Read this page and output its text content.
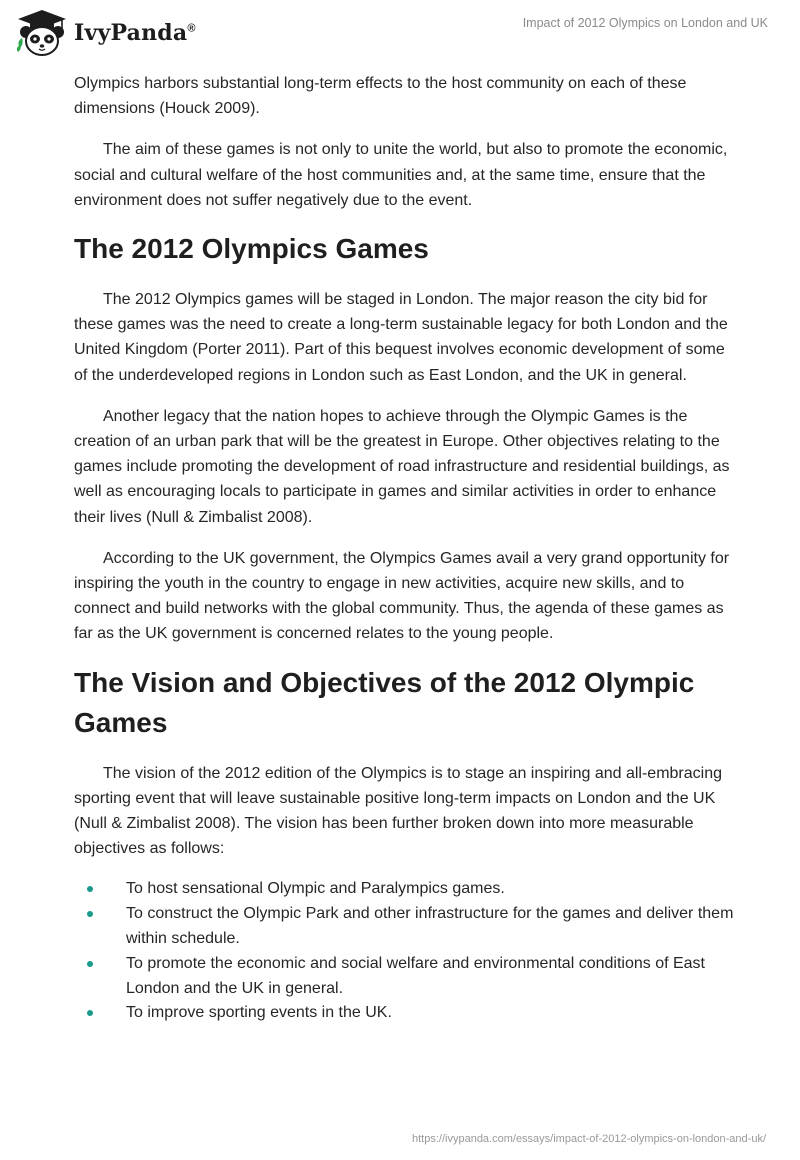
IvyPanda®	Impact of 2012 Olympics on London and UK

Olympics harbors substantial long-term effects to the host community on each of these dimensions (Houck 2009).

The aim of these games is not only to unite the world, but also to promote the economic, social and cultural welfare of the host communities and, at the same time, ensure that the environment does not suffer negatively due to the event.

The 2012 Olympics Games

The 2012 Olympics games will be staged in London. The major reason the city bid for these games was the need to create a long-term sustainable legacy for both London and the United Kingdom (Porter 2011). Part of this bequest involves economic development of some of the underdeveloped regions in London such as East London, and the UK in general.

Another legacy that the nation hopes to achieve through the Olympic Games is the creation of an urban park that will be the greatest in Europe. Other objectives relating to the games include promoting the development of road infrastructure and residential buildings, as well as encouraging locals to participate in games and similar activities in order to enhance their lives (Null & Zimbalist 2008).

According to the UK government, the Olympics Games avail a very grand opportunity for inspiring the youth in the country to engage in new activities, acquire new skills, and to connect and build networks with the global community. Thus, the agenda of these games as far as the UK government is concerned relates to the young people.

The Vision and Objectives of the 2012 Olympic Games

The vision of the 2012 edition of the Olympics is to stage an inspiring and all-embracing sporting event that will leave sustainable positive long-term impacts on London and the UK (Null & Zimbalist 2008). The vision has been further broken down into more measurable objectives as follows:

To host sensational Olympic and Paralympics games.
To construct the Olympic Park and other infrastructure for the games and deliver them within schedule.
To promote the economic and social welfare and environmental conditions of East London and the UK in general.
To improve sporting events in the UK.
https://ivypanda.com/essays/impact-of-2012-olympics-on-london-and-uk/
